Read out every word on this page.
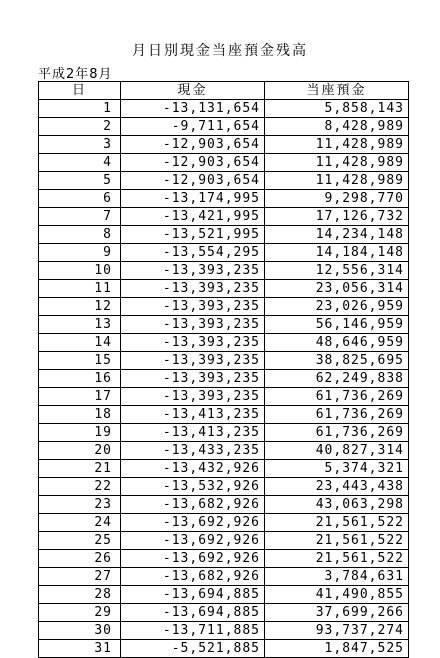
月日別現金当座預金残高
平成2年8月
日	現金	当座預金
1	-13,131,654	5,858,143
2	-9,711,654	8,428,989
3	-12,903,654	11,428,989
4	-12,903,654	11,428,989
5	-12,903,654	11,428,989
6	-13,174,995	9,298,770
7	-13,421,995	17,126,732
8	-13,521,995	14,234,148
9	-13,554,295	14,184,148
10	-13,393,235	12,556,314
11	-13,393,235	23,056,314
12	-13,393,235	23,026,959
13	-13,393,235	56,146,959
14	-13,393,235	48,646,959
15	-13,393,235	38,825,695
16	-13,393,235	62,249,838
17	-13,393,235	61,736,269
18	-13,413,235	61,736,269
19	-13,413,235	61,736,269
20	-13,433,235	40,827,314
21	-13,432,926	5,374,321
22	-13,532,926	23,443,438
23	-13,682,926	43,063,298
24	-13,692,926	21,561,522
25	-13,692,926	21,561,522
26	-13,692,926	21,561,522
27	-13,682,926	3,784,631
28	-13,694,885	41,490,855
29	-13,694,885	37,699,266
30	-13,711,885	93,737,274
31	-5,521,885	1,847,525
